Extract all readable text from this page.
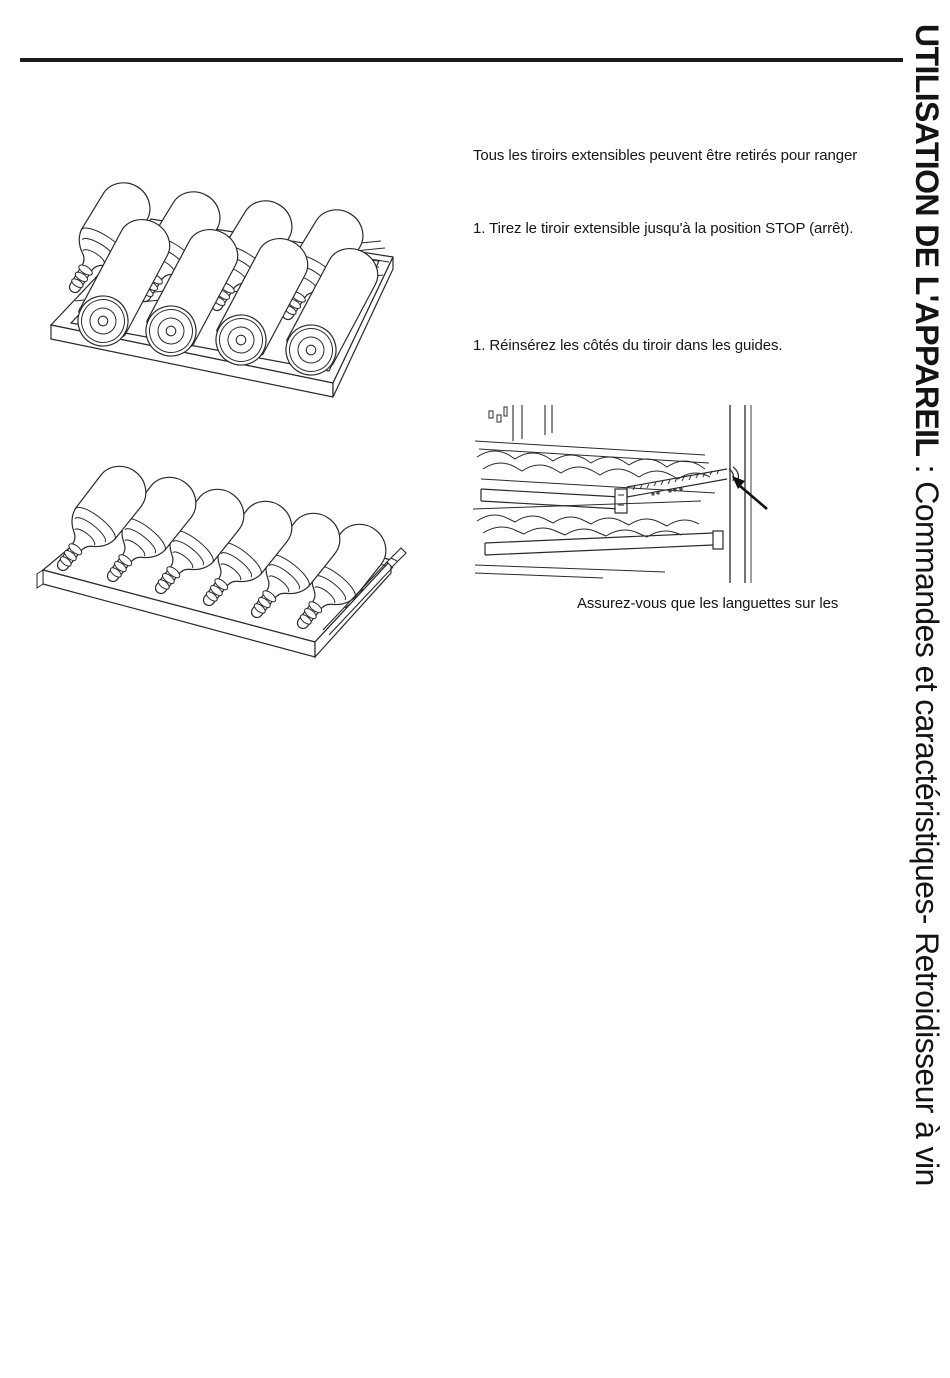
UTILISATION DE L'APPAREIL : Commandes et caractéristiques- Retroidisseur à vin
Tous les tiroirs extensibles peuvent être retirés pour ranger
1. Tirez le tiroir extensible jusqu'à la position STOP (arrêt).
1. Réinsérez les côtés du tiroir dans les guides.
Assurez-vous que les languettes sur les
